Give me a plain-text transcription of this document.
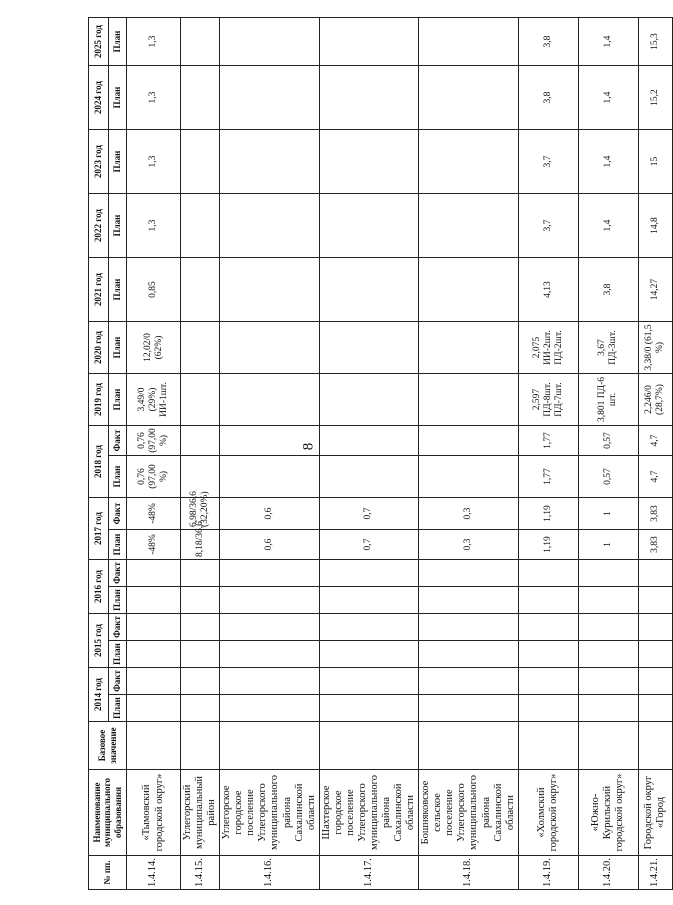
8
№ пп.	Наименование муниципального образования	Базовое значение	2014 год		2015 год		2016 год		2017 год		2018 год		2019 год	2020 год	2021 год	2022 год	2023 год	2024 год	2025 год
			План	Факт	План	Факт	План	Факт	План	Факт	План	Факт	План	План	План	План	План	План	План
1.4.14.	«Тымовский городской округ»								-48%	-48%	0,76 (97,00 %)	0,76 (97,00 %)	3,49/0 (29%) ИИ-1шт.	12,02/0 (62%)	0,85	1,3	1,3	1,3	1,3
1.4.15.	Углегорский муниципальный район								8,18/36,6	6,98/36,6 (32,20%)									
1.4.16.	Углегорское городское поселение Углегорского муниципального района Сахалинской области								0,6	0,6									
1.4.17.	Шахтерское городское поселение Углегорского муниципального района Сахалинской области								0,7	0,7									
1.4.18.	Бошняковское сельское поселение Углегорского муниципального района Сахалинской области								0,3	0,3									
1.4.19.	«Холмский городской округ»								1,19	1,19	1,77	1,77	2,597 ПД-8шт. ПД-7шт.	2,075 ИИ-2шт. ПД-2шт.	4,13	3,7	3,7	3,8	3,8
1.4.20.	«Южно-Курильский городской округ»								1	1	0,57	0,57	3,801 ПД-6 шт.	3,67 ПД-3шт.	3,8	1,4	1,4	1,4	1,4
1.4.21.	Городской округ «Город								3,83	3,83	4,7	4,7	2,246/0 (28,7%)	3,38/0 (61,5 %)	14,27	14,8	15	15,2	15,3
